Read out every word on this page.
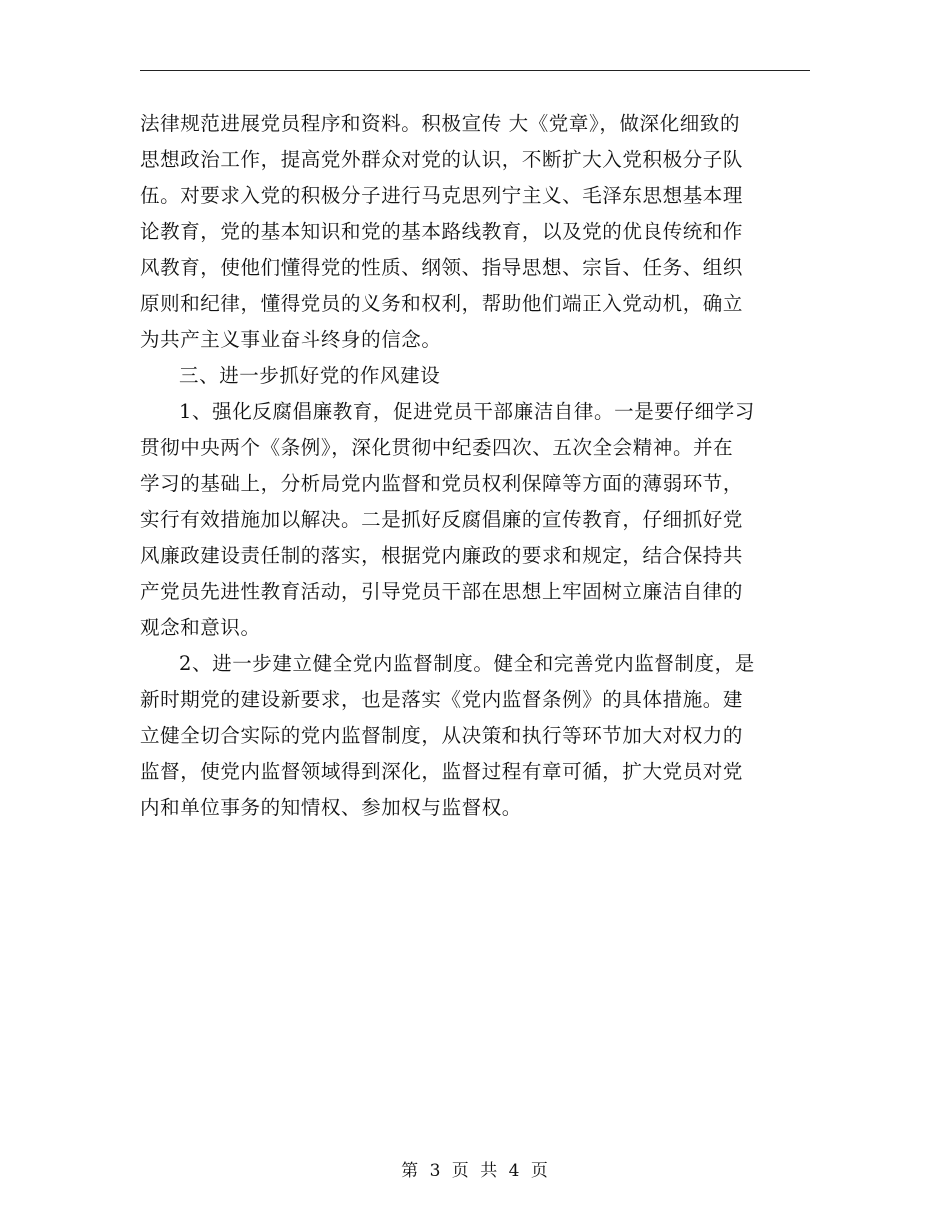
法律规范进展党员程序和资料。积极宣传 大《党章》，做深化细致的
思想政治工作，提高党外群众对党的认识，不断扩大入党积极分子队
伍。对要求入党的积极分子进行马克思列宁主义、毛泽东思想基本理
论教育，党的基本知识和党的基本路线教育，以及党的优良传统和作
风教育，使他们懂得党的性质、纲领、指导思想、宗旨、任务、组织
原则和纪律，懂得党员的义务和权利，帮助他们端正入党动机，确立
为共产主义事业奋斗终身的信念。
三、进一步抓好党的作风建设
1、强化反腐倡廉教育，促进党员干部廉洁自律。一是要仔细学习
贯彻中央两个《条例》，深化贯彻中纪委四次、五次全会精神。并在
学习的基础上，分析局党内监督和党员权利保障等方面的薄弱环节，
实行有效措施加以解决。二是抓好反腐倡廉的宣传教育，仔细抓好党
风廉政建设责任制的落实，根据党内廉政的要求和规定，结合保持共
产党员先进性教育活动，引导党员干部在思想上牢固树立廉洁自律的
观念和意识。
2、进一步建立健全党内监督制度。健全和完善党内监督制度，是
新时期党的建设新要求，也是落实《党内监督条例》的具体措施。建
立健全切合实际的党内监督制度，从决策和执行等环节加大对权力的
监督，使党内监督领域得到深化，监督过程有章可循，扩大党员对党
内和单位事务的知情权、参加权与监督权。
第 3 页 共 4 页
